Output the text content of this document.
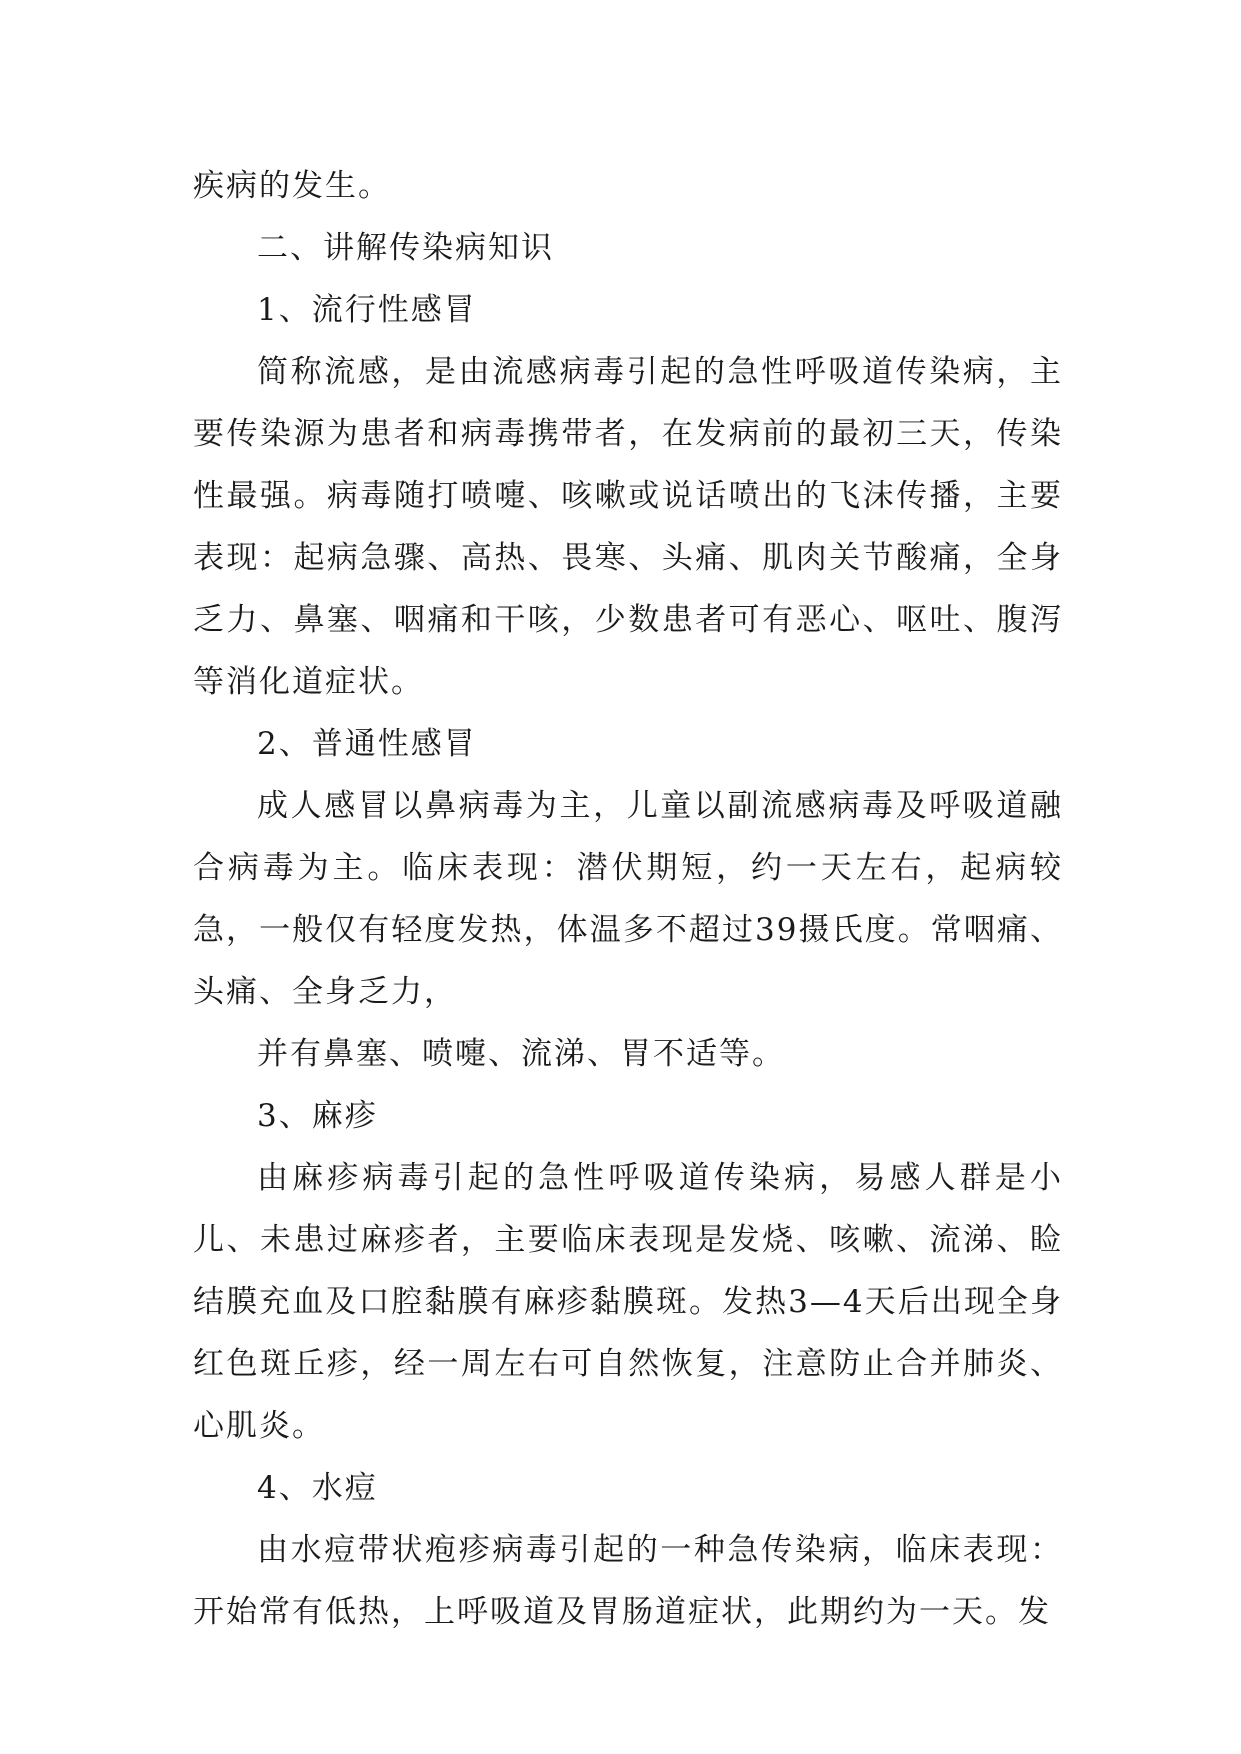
疾病的发生。

二、讲解传染病知识

1、流行性感冒

简称流感，是由流感病毒引起的急性呼吸道传染病，主要传染源为患者和病毒携带者，在发病前的最初三天，传染性最强。病毒随打喷嚏、咳嗽或说话喷出的飞沫传播，主要表现：起病急骤、高热、畏寒、头痛、肌肉关节酸痛，全身乏力、鼻塞、咽痛和干咳，少数患者可有恶心、呕吐、腹泻等消化道症状。

2、普通性感冒

成人感冒以鼻病毒为主，儿童以副流感病毒及呼吸道融合病毒为主。临床表现：潜伏期短，约一天左右，起病较急，一般仅有轻度发热，体温多不超过39摄氏度。常咽痛、头痛、全身乏力，

并有鼻塞、喷嚏、流涕、胃不适等。

3、麻疹

由麻疹病毒引起的急性呼吸道传染病，易感人群是小儿、未患过麻疹者，主要临床表现是发烧、咳嗽、流涕、睑结膜充血及口腔黏膜有麻疹黏膜斑。发热3—4天后出现全身红色斑丘疹，经一周左右可自然恢复，注意防止合并肺炎、心肌炎。

4、水痘

由水痘带状疱疹病毒引起的一种急传染病，临床表现：开始常有低热，上呼吸道及胃肠道症状，此期约为一天。发
